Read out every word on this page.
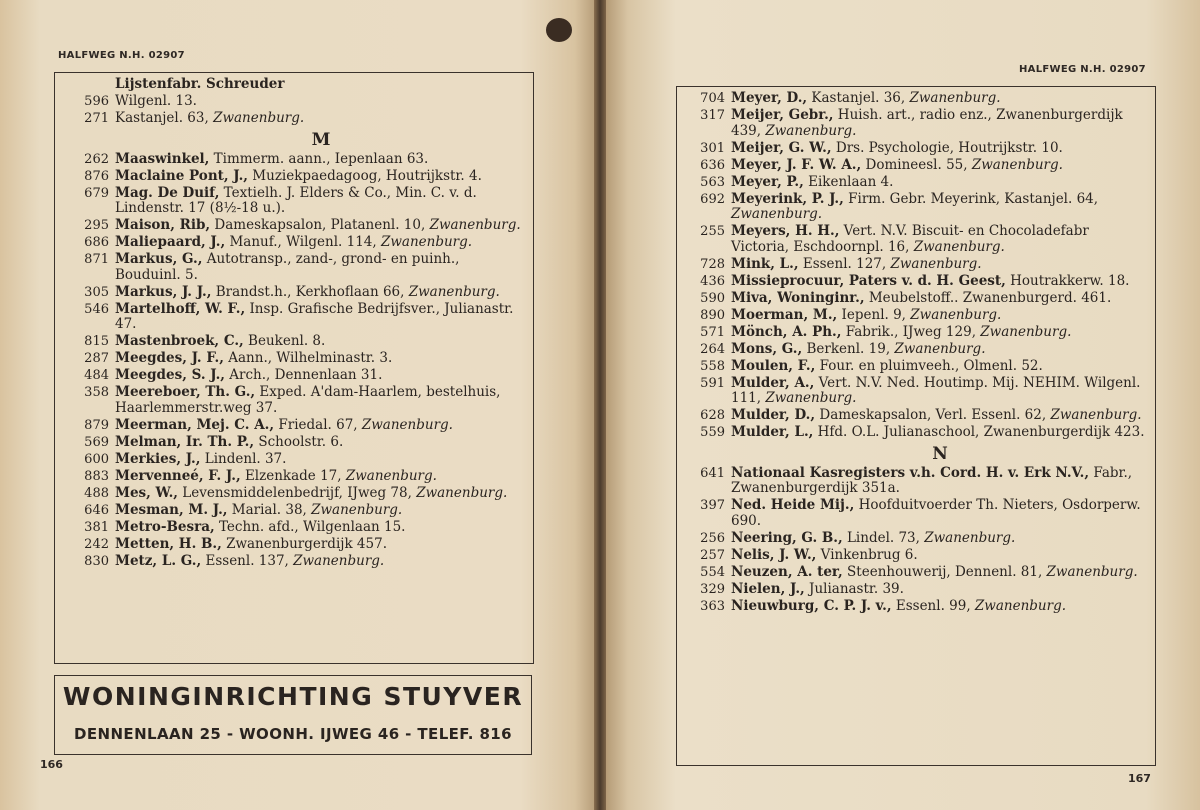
HALFWEG N.H. 02907
Lijstenfabr. Schreuder
596 Wilgenl. 13.
271 Kastanjel. 63, Zwanenburg.
M
262 Maaswinkel, Timmerm. aann., Iepenlaan 63.
876 Maclaine Pont, J., Muziekpaedagoog, Houtrijkstr. 4.
679 Mag. De Duif, Textielh. J. Elders & Co., Min. C. v. d. Lindenstr. 17 (8½-18 u.).
295 Maison, Rib, Dameskapsalon, Platanenl. 10, Zwanenburg.
686 Maliepaard, J., Manuf., Wilgenl. 114, Zwanenburg.
871 Markus, G., Autotransp., zand-, grond- en puinh., Bouduinl. 5.
305 Markus, J. J., Brandst.h., Kerkhoflaan 66, Zwanenburg.
546 Martelhoff, W. F., Insp. Grafische Bedrijfsver., Julianastr. 47.
815 Mastenbroek, C., Beukenl. 8.
287 Meegdes, J. F., Aann., Wilhelminastr. 3.
484 Meegdes, S. J., Arch., Dennenlaan 31.
358 Meereboer, Th. G., Exped. A'dam-Haarlem, bestelhuis, Haarlemmerstr.weg 37.
879 Meerman, Mej. C. A., Friedal. 67, Zwanenburg.
569 Melman, Ir. Th. P., Schoolstr. 6.
600 Merkies, J., Lindenl. 37.
883 Mervenneé, F. J., Elzenkade 17, Zwanenburg.
488 Mes, W., Levensmiddelenbedrijf, IJweg 78, Zwanenburg.
646 Mesman, M. J., Marial. 38, Zwanenburg.
381 Metro-Besra, Techn. afd., Wilgenlaan 15.
242 Metten, H. B., Zwanenburgerdijk 457.
830 Metz, L. G., Essenl. 137, Zwanenburg.
WONINGINRICHTING STUYVER
DENNENLAAN 25 - WOONH. IJWEG 46 - TELEF. 816
166
HALFWEG N.H. 02907
704 Meyer, D., Kastanjel. 36, Zwanenburg.
317 Meijer, Gebr., Huish. art., radio enz., Zwanenburgerdijk 439, Zwanenburg.
301 Meijer, G. W., Drs. Psychologie, Houtrijkstr. 10.
636 Meyer, J. F. W. A., Domineesl. 55, Zwanenburg.
563 Meyer, P., Eikenlaan 4.
692 Meyerink, P. J., Firm. Gebr. Meyerink, Kastanjel. 64, Zwanenburg.
255 Meyers, H. H., Vert. N.V. Biscuit- en Chocoladefabr Victoria, Eschdoornpl. 16, Zwanenburg.
728 Mink, L., Essenl. 127, Zwanenburg.
436 Missieprocuur, Paters v. d. H. Geest, Houtrakkerw. 18.
590 Miva, Woninginr., Meubelstoff.. Zwanenburgerd. 461.
890 Moerman, M., Iepenl. 9, Zwanenburg.
571 Mönch, A. Ph., Fabrik., IJweg 129, Zwanenburg.
264 Mons, G., Berkenl. 19, Zwanenburg.
558 Moulen, F., Four. en pluimveeh., Olmenl. 52.
591 Mulder, A., Vert. N.V. Ned. Houtimp. Mij. NEHIM. Wilgenl. 111, Zwanenburg.
628 Mulder, D., Dameskapsalon, Verl. Essenl. 62, Zwanenburg.
559 Mulder, L., Hfd. O.L. Julianaschool, Zwanenburgerdijk 423.
N
641 Nationaal Kasregisters v.h. Cord. H. v. Erk N.V., Fabr., Zwanenburgerdijk 351a.
397 Ned. Heide Mij., Hoofduitvoerder Th. Nieters, Osdorperw. 690.
256 Neering, G. B., Lindel. 73, Zwanenburg.
257 Nelis, J. W., Vinkenbrug 6.
554 Neuzen, A. ter, Steenhouwerij, Dennenl. 81, Zwanenburg.
329 Nielen, J., Julianastr. 39.
363 Nieuwburg, C. P. J. v., Essenl. 99, Zwanenburg.
167
